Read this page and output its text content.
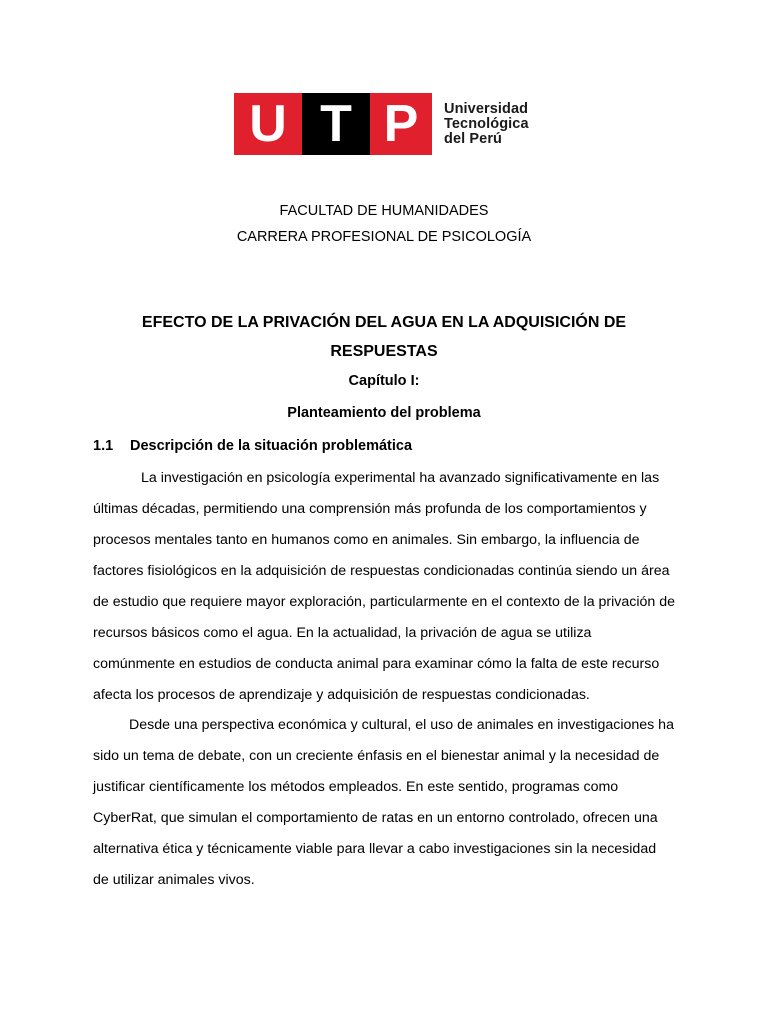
U T P	Universidad
Tecnológica
del Perú
FACULTAD DE HUMANIDADES
CARRERA PROFESIONAL DE PSICOLOGÍA
EFECTO DE LA PRIVACIÓN DEL AGUA EN LA ADQUISICIÓN DE
RESPUESTAS
Capítulo I:
Planteamiento del problema
1.1 Descripción de la situación problemática
La investigación en psicología experimental ha avanzado significativamente en las
últimas décadas, permitiendo una comprensión más profunda de los comportamientos y
procesos mentales tanto en humanos como en animales. Sin embargo, la influencia de
factores fisiológicos en la adquisición de respuestas condicionadas continúa siendo un área
de estudio que requiere mayor exploración, particularmente en el contexto de la privación de
recursos básicos como el agua. En la actualidad, la privación de agua se utiliza
comúnmente en estudios de conducta animal para examinar cómo la falta de este recurso
afecta los procesos de aprendizaje y adquisición de respuestas condicionadas.
Desde una perspectiva económica y cultural, el uso de animales en investigaciones ha
sido un tema de debate, con un creciente énfasis en el bienestar animal y la necesidad de
justificar científicamente los métodos empleados. En este sentido, programas como
CyberRat, que simulan el comportamiento de ratas en un entorno controlado, ofrecen una
alternativa ética y técnicamente viable para llevar a cabo investigaciones sin la necesidad
de utilizar animales vivos.
